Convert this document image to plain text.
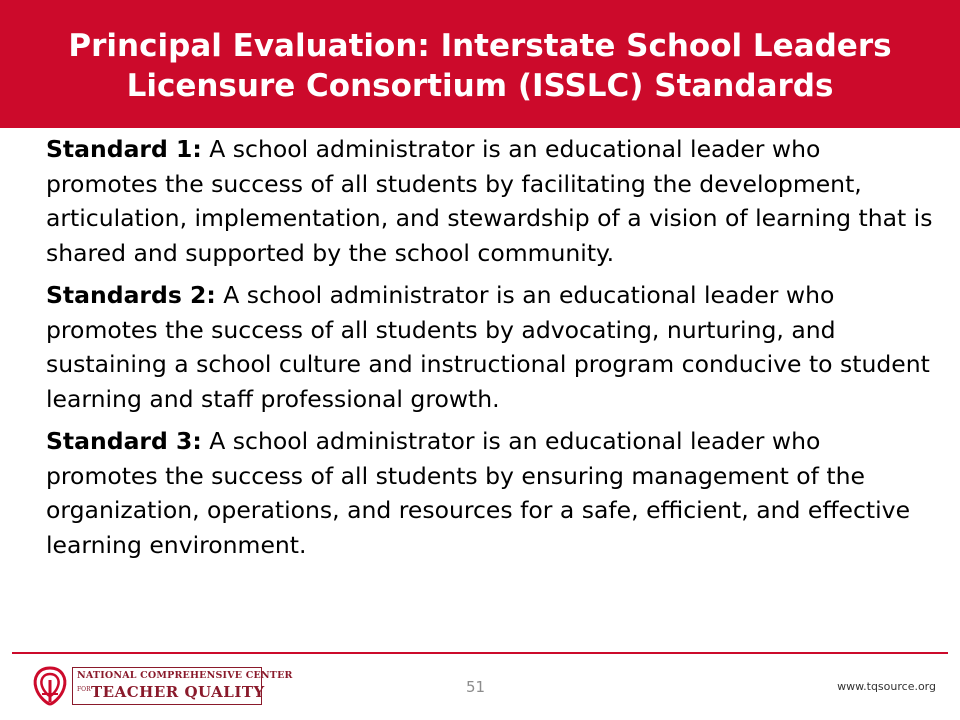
Principal Evaluation: Interstate School Leaders
Licensure Consortium (ISSLC) Standards

Standard 1: A school administrator is an educational leader who promotes the success of all students by facilitating the development, articulation, implementation, and stewardship of a vision of learning that is shared and supported by the school community.

Standards 2: A school administrator is an educational leader who promotes the success of all students by advocating, nurturing, and sustaining a school culture and instructional program conducive to student learning and staff professional growth.

Standard 3: A school administrator is an educational leader who promotes the success of all students by ensuring management of the organization, operations, and resources for a safe, efficient, and effective learning environment.

NATIONAL COMPREHENSIVE CENTER
FOR TEACHER QUALITY	51	www.tqsource.org
